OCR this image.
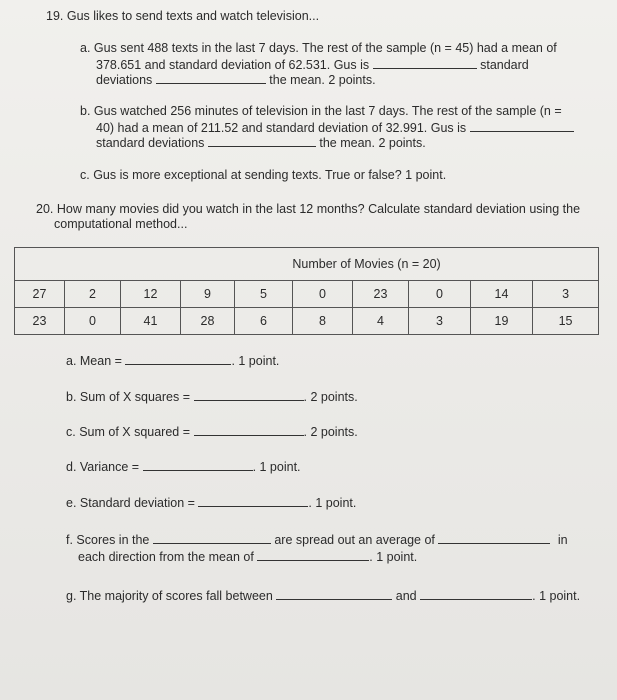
19. Gus likes to send texts and watch television...
a. Gus sent 488 texts in the last 7 days. The rest of the sample (n = 45) had a mean of
378.651 and standard deviation of 62.531. Gus is	standard
deviations	the mean. 2 points.
b. Gus watched 256 minutes of television in the last 7 days. The rest of the sample (n =
40) had a mean of 211.52 and standard deviation of 32.991. Gus is
standard deviations	the mean. 2 points.
c. Gus is more exceptional at sending texts. True or false? 1 point.
20. How many movies did you watch in the last 12 months? Calculate standard deviation using the
computational method...
Number of Movies (n = 20)									
27	2	12	9	5	0	23	0	14	3
23	0	41	28	6	8	4	3	19	15
a. Mean =	. 1 point.
b. Sum of X squares =	. 2 points.
c. Sum of X squared =	. 2 points.
d. Variance =	. 1 point.
e. Standard deviation =	. 1 point.
f. Scores in the	are spread out an average of	in
each direction from the mean of	. 1 point.
g. The majority of scores fall between	and	. 1 point.
